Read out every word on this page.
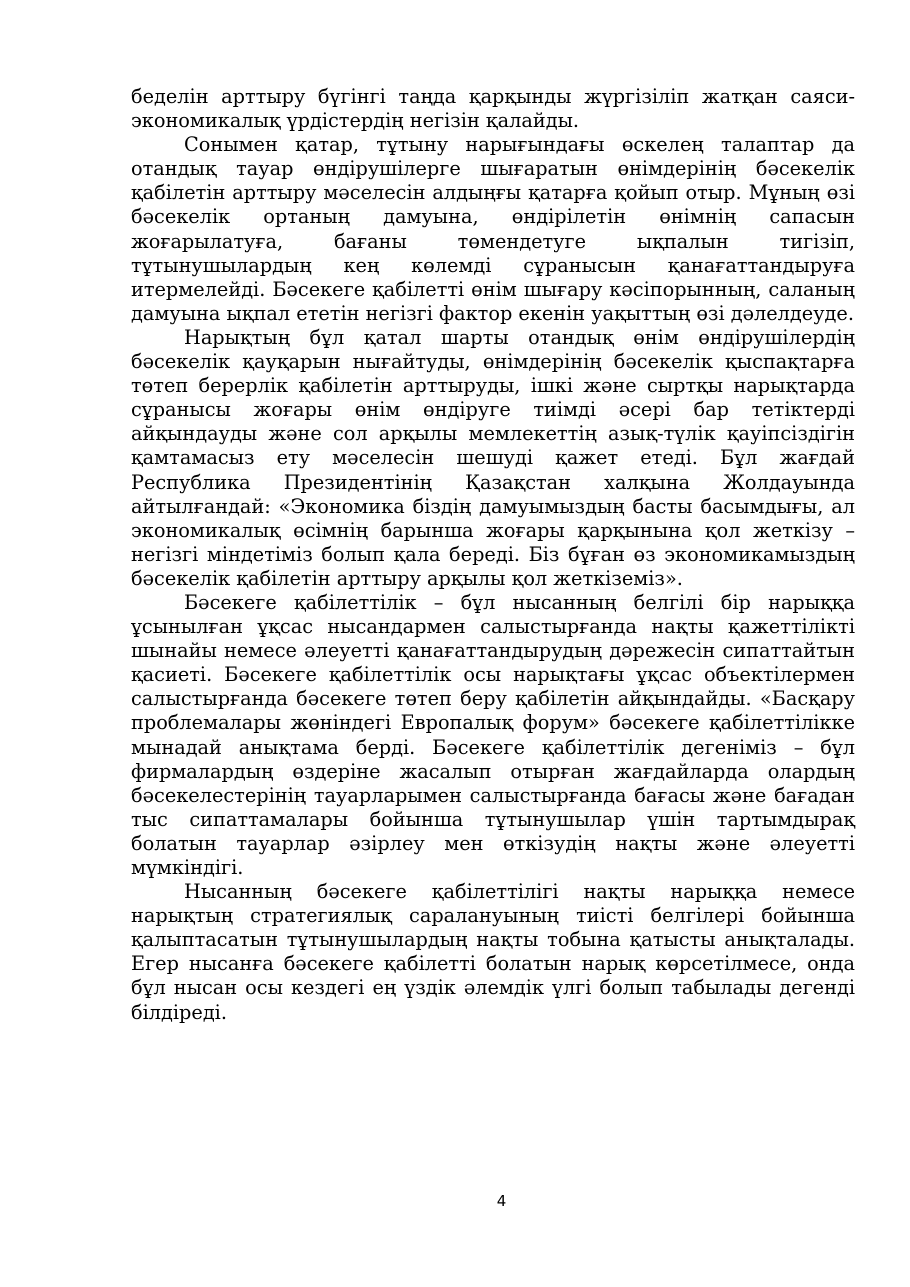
беделін арттыру бүгінгі таңда қарқынды жүргізіліп жатқан саяси-экономикалық үрдістердің негізін қалайды.

Сонымен қатар, тұтыну нарығындағы өскелең талаптар да отандық тауар өндірушілерге шығаратын өнімдерінің бәсекелік қабілетін арттыру мәселесін алдыңғы қатарға қойып отыр. Мұның өзі бәсекелік ортаның дамуына, өндірілетін өнімнің сапасын жоғарылатуға, бағаны төмендетуге ықпалын тигізіп, тұтынушылардың кең көлемді сұранысын қанағаттандыруға итермелейді. Бәсекеге қабілетті өнім шығару кәсіпорынның, саланың дамуына ықпал ететін негізгі фактор екенін уақыттың өзі дәлелдеуде.

Нарықтың бұл қатал шарты отандық өнім өндірушілердің бәсекелік қауқарын нығайтуды, өнімдерінің бәсекелік қыспақтарға төтеп берерлік қабілетін арттыруды, ішкі және сыртқы нарықтарда сұранысы жоғары өнім өндіруге тиімді әсері бар тетіктерді айқындауды және сол арқылы мемлекеттің азық-түлік қауіпсіздігін қамтамасыз ету мәселесін шешуді қажет етеді. Бұл жағдай Республика Президентінің Қазақстан халқына Жолдауында айтылғандай: «Экономика біздің дамуымыздың басты басымдығы, ал экономикалық өсімнің барынша жоғары қарқынына қол жеткізу – негізгі міндетіміз болып қала береді. Біз бұған өз экономикамыздың бәсекелік қабілетін арттыру арқылы қол жеткіземіз».

Бәсекеге қабілеттілік – бұл нысанның белгілі бір нарыққа ұсынылған ұқсас нысандармен салыстырғанда нақты қажеттілікті шынайы немесе әлеуетті қанағаттандырудың дәрежесін сипаттайтын қасиеті. Бәсекеге қабілеттілік осы нарықтағы ұқсас объектілермен салыстырғанда бәсекеге төтеп беру қабілетін айқындайды. «Басқару проблемалары жөніндегі Европалық форум» бәсекеге қабілеттілікке мынадай анықтама берді. Бәсекеге қабілеттілік дегеніміз – бұл фирмалардың өздеріне жасалып отырған жағдайларда олардың бәсекелестерінің тауарларымен салыстырғанда бағасы және бағадан тыс сипаттамалары бойынша тұтынушылар үшін тартымдырақ болатын тауарлар әзірлеу мен өткізудің нақты және әлеуетті мүмкіндігі.

Нысанның бәсекеге қабілеттілігі нақты нарыққа немесе нарықтың стратегиялық саралануының тиісті белгілері бойынша қалыптасатын тұтынушылардың нақты тобына қатысты анықталады. Егер нысанға бәсекеге қабілетті болатын нарық көрсетілмесе, онда бұл нысан осы кездегі ең үздік әлемдік үлгі болып табылады дегенді білдіреді.

4
